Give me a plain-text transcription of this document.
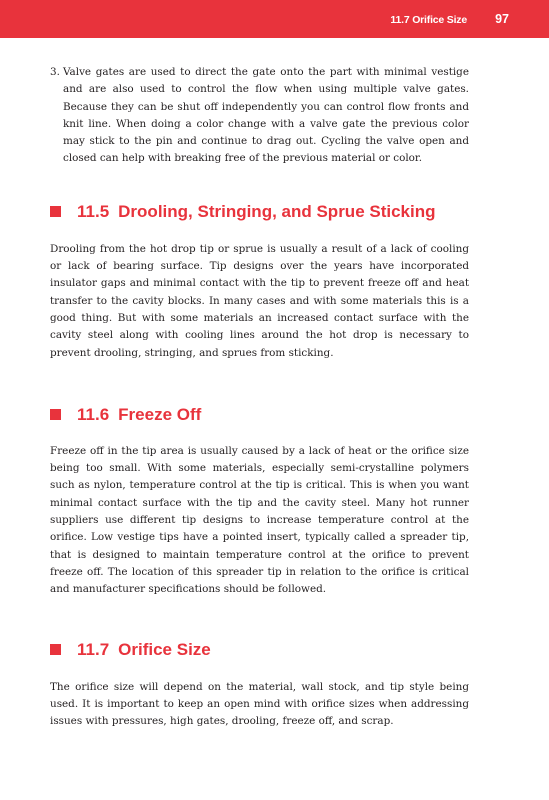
11.7 Orifice Size 97
3. Valve gates are used to direct the gate onto the part with minimal vestige and are also used to control the flow when using multiple valve gates. Because they can be shut off independently you can control flow fronts and knit line. When doing a color change with a valve gate the previous color may stick to the pin and continue to drag out. Cycling the valve open and closed can help with breaking free of the previous material or color.
11.5 Drooling, Stringing, and Sprue Sticking

Drooling from the hot drop tip or sprue is usually a result of a lack of cooling or lack of bearing surface. Tip designs over the years have incorporated insulator gaps and minimal contact with the tip to prevent freeze off and heat transfer to the cavity blocks. In many cases and with some materials this is a good thing. But with some materials an increased contact surface with the cavity steel along with cooling lines around the hot drop is necessary to prevent drooling, stringing, and sprues from sticking.

11.6 Freeze Off

Freeze off in the tip area is usually caused by a lack of heat or the orifice size being too small. With some materials, especially semi-crystalline polymers such as nylon, temperature control at the tip is critical. This is when you want minimal contact surface with the tip and the cavity steel. Many hot runner suppliers use different tip designs to increase temperature control at the orifice. Low vestige tips have a pointed insert, typically called a spreader tip, that is designed to maintain temperature control at the orifice to prevent freeze off. The location of this spreader tip in relation to the orifice is critical and manufacturer specifications should be followed.

11.7 Orifice Size

The orifice size will depend on the material, wall stock, and tip style being used. It is important to keep an open mind with orifice sizes when addressing issues with pressures, high gates, drooling, freeze off, and scrap.
